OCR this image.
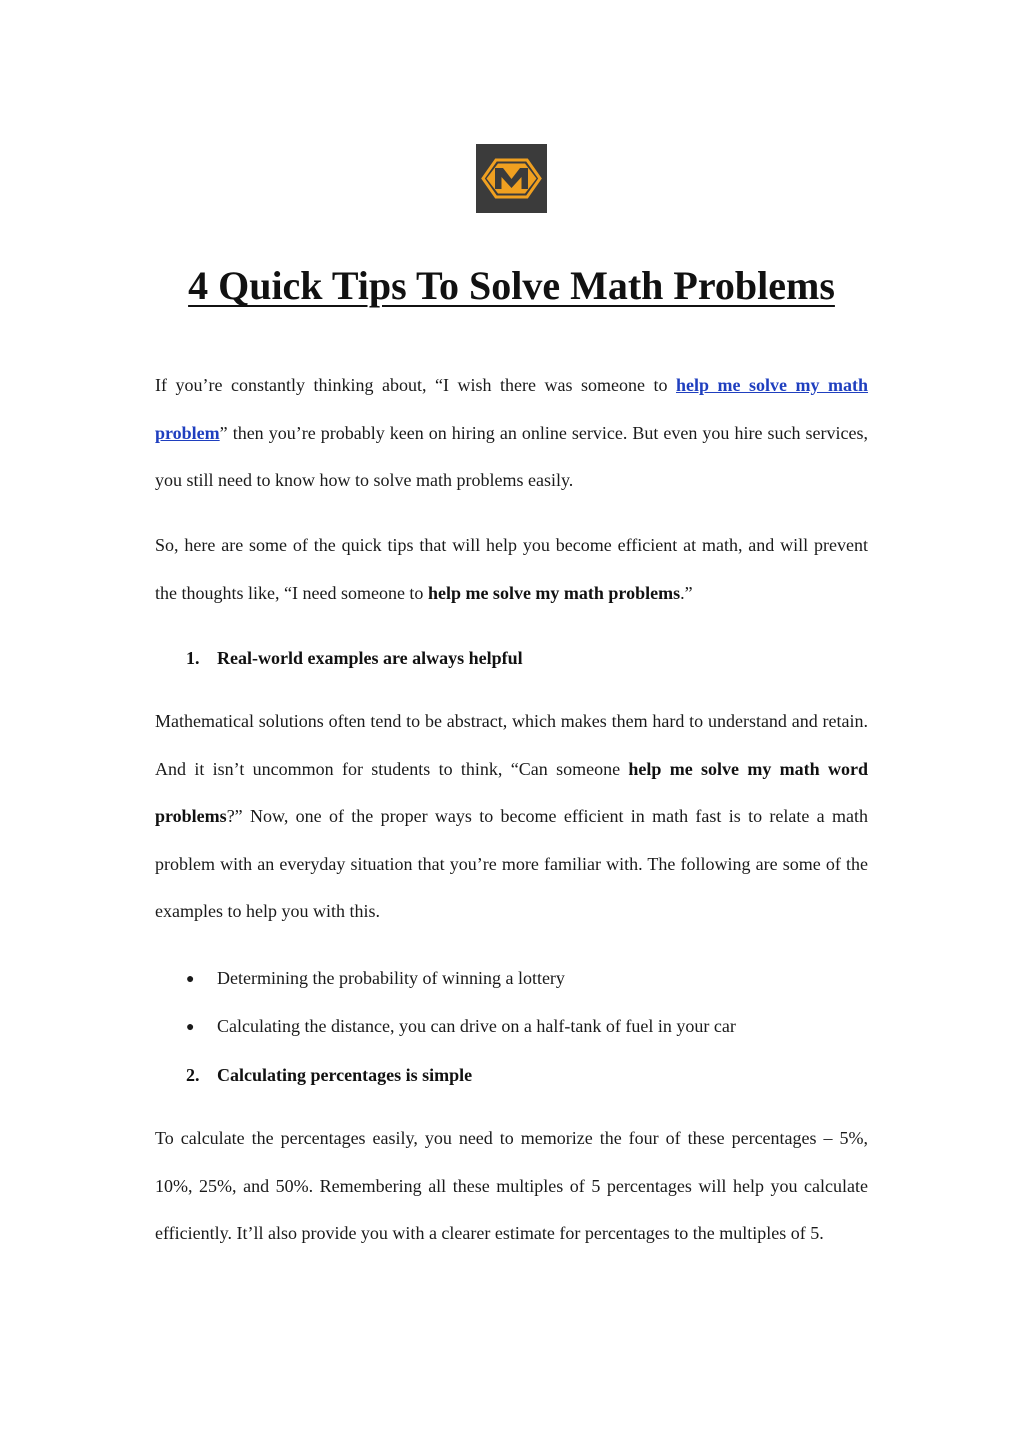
4 Quick Tips To Solve Math Problems

If you’re constantly thinking about, “I wish there was someone to help me solve my math problem” then you’re probably keen on hiring an online service. But even you hire such services, you still need to know how to solve math problems easily.

So, here are some of the quick tips that will help you become efficient at math, and will prevent the thoughts like, “I need someone to help me solve my math problems.”

1. Real-world examples are always helpful

Mathematical solutions often tend to be abstract, which makes them hard to understand and retain. And it isn’t uncommon for students to think, “Can someone help me solve my math word problems?” Now, one of the proper ways to become efficient in math fast is to relate a math problem with an everyday situation that you’re more familiar with. The following are some of the examples to help you with this.

● Determining the probability of winning a lottery

● Calculating the distance, you can drive on a half-tank of fuel in your car

2. Calculating percentages is simple

To calculate the percentages easily, you need to memorize the four of these percentages – 5%, 10%, 25%, and 50%. Remembering all these multiples of 5 percentages will help you calculate efficiently. It’ll also provide you with a clearer estimate for percentages to the multiples of 5.
